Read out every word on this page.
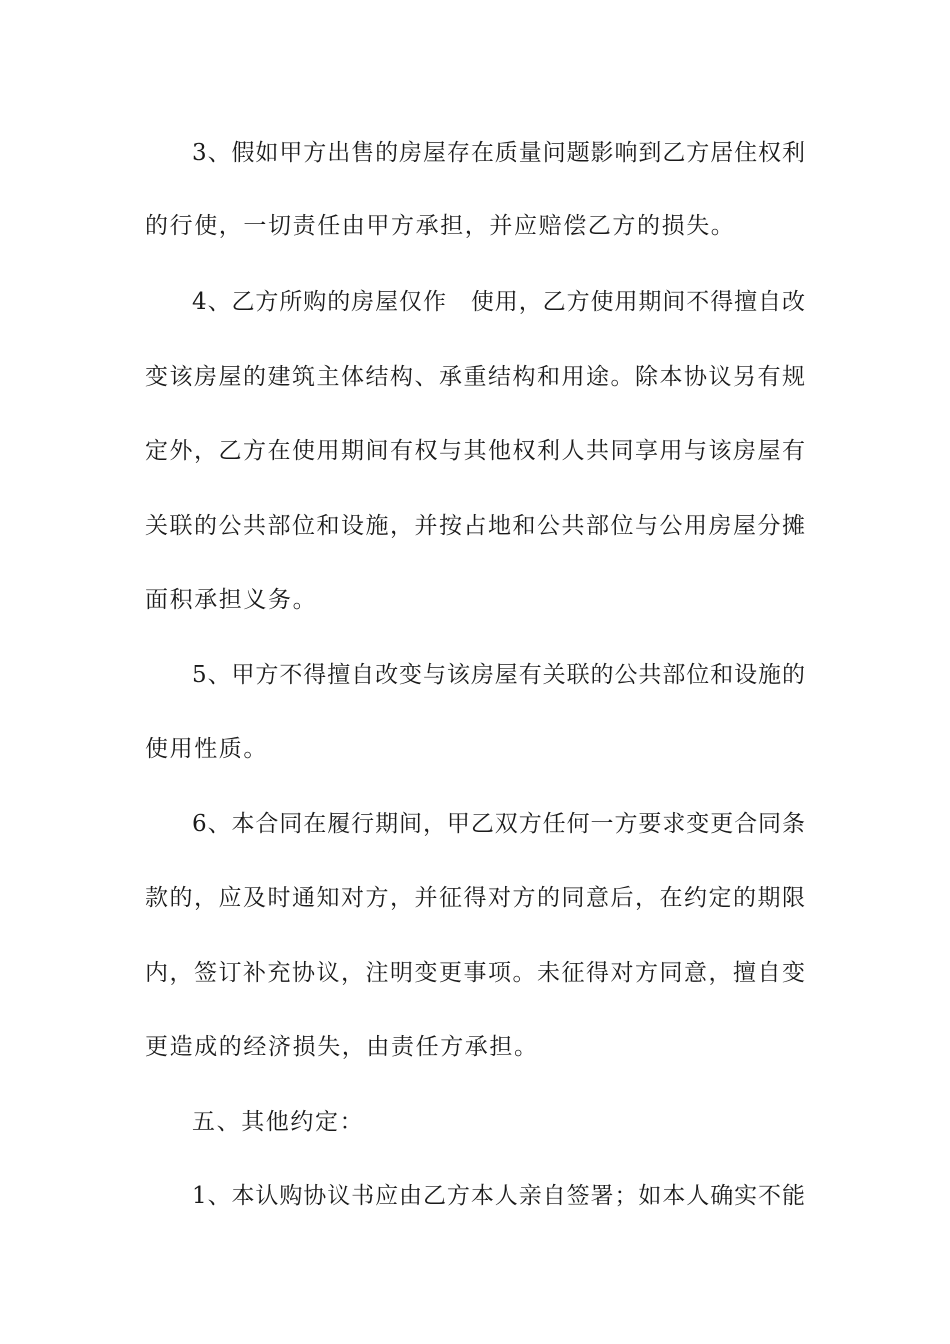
3、假如甲方出售的房屋存在质量问题影响到乙方居住权利
的行使，一切责任由甲方承担，并应赔偿乙方的损失。
4、乙方所购的房屋仅作　使用，乙方使用期间不得擅自改
变该房屋的建筑主体结构、承重结构和用途。除本协议另有规
定外，乙方在使用期间有权与其他权利人共同享用与该房屋有
关联的公共部位和设施，并按占地和公共部位与公用房屋分摊
面积承担义务。
5、甲方不得擅自改变与该房屋有关联的公共部位和设施的
使用性质。
6、本合同在履行期间，甲乙双方任何一方要求变更合同条
款的，应及时通知对方，并征得对方的同意后，在约定的期限
内，签订补充协议，注明变更事项。未征得对方同意，擅自变
更造成的经济损失，由责任方承担。
五、其他约定：
1、本认购协议书应由乙方本人亲自签署；如本人确实不能
